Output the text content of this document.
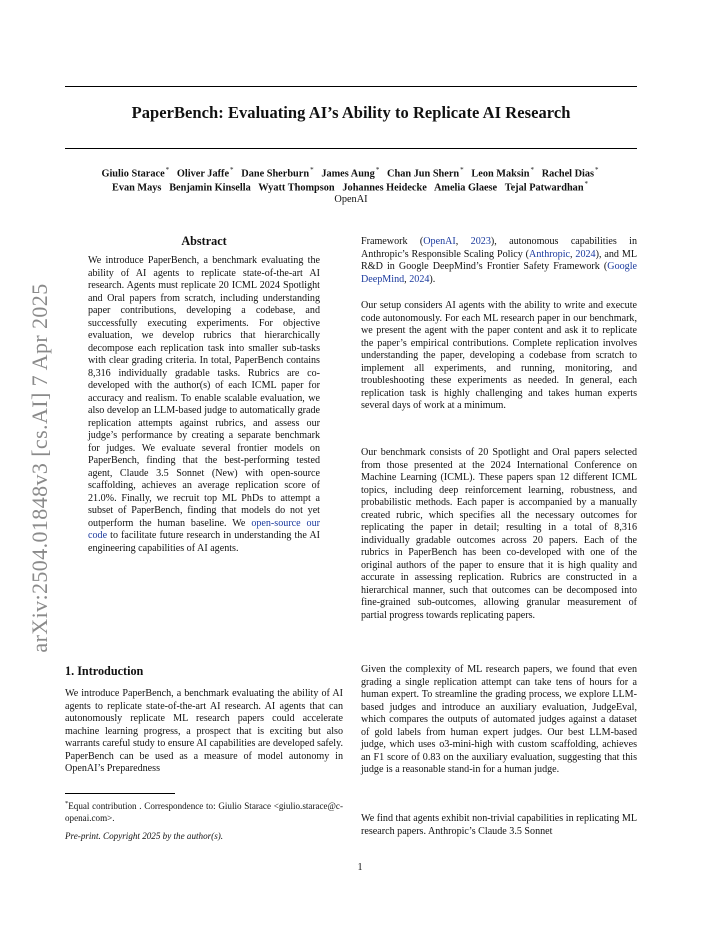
PaperBench: Evaluating AI’s Ability to Replicate AI Research
Giulio Starace* Oliver Jaffe* Dane Sherburn* James Aung* Chan Jun Shern* Leon Maksin* Rachel Dias*
Evan Mays Benjamin Kinsella Wyatt Thompson Johannes Heidecke Amelia Glaese Tejal Patwardhan*
OpenAI
arXiv:2504.01848v3 [cs.AI] 7 Apr 2025
Abstract

We introduce PaperBench, a benchmark evaluating the ability of AI agents to replicate state-of-the-art AI research. Agents must replicate 20 ICML 2024 Spotlight and Oral papers from scratch, including understanding paper contributions, developing a codebase, and successfully executing experiments. For objective evaluation, we develop rubrics that hierarchically decompose each replication task into smaller sub-tasks with clear grading criteria. In total, PaperBench contains 8,316 individually gradable tasks. Rubrics are co-developed with the author(s) of each ICML paper for accuracy and realism. To enable scalable evaluation, we also develop an LLM-based judge to automatically grade replication attempts against rubrics, and assess our judge’s performance by creating a separate benchmark for judges. We evaluate several frontier models on PaperBench, finding that the best-performing tested agent, Claude 3.5 Sonnet (New) with open-source scaffolding, achieves an average replication score of 21.0%. Finally, we recruit top ML PhDs to attempt a subset of PaperBench, finding that models do not yet outperform the human baseline. We open-source our code to facilitate future research in understanding the AI engineering capabilities of AI agents.

1. Introduction

We introduce PaperBench, a benchmark evaluating the ability of AI agents to replicate state-of-the-art AI research. AI agents that can autonomously replicate ML research papers could accelerate machine learning progress, a prospect that is exciting but also warrants careful study to ensure AI capabilities are developed safely. PaperBench can be used as a measure of model autonomy in OpenAI’s Preparedness

*Equal contribution . Correspondence to: Giulio Starace <giulio.starace@c-openai.com>.
Pre-print. Copyright 2025 by the author(s).

Framework (OpenAI, 2023), autonomous capabilities in Anthropic’s Responsible Scaling Policy (Anthropic, 2024), and ML R&D in Google DeepMind’s Frontier Safety Framework (Google DeepMind, 2024).

Our setup considers AI agents with the ability to write and execute code autonomously. For each ML research paper in our benchmark, we present the agent with the paper content and ask it to replicate the paper’s empirical contributions. Complete replication involves understanding the paper, developing a codebase from scratch to implement all experiments, and running, monitoring, and troubleshooting these experiments as needed. In general, each replication task is highly challenging and takes human experts several days of work at a minimum.

Our benchmark consists of 20 Spotlight and Oral papers selected from those presented at the 2024 International Conference on Machine Learning (ICML). These papers span 12 different ICML topics, including deep reinforcement learning, robustness, and probabilistic methods. Each paper is accompanied by a manually created rubric, which specifies all the necessary outcomes for replicating the paper in detail; resulting in a total of 8,316 individually gradable outcomes across 20 papers. Each of the rubrics in PaperBench has been co-developed with one of the original authors of the paper to ensure that it is high quality and accurate in assessing replication. Rubrics are constructed in a hierarchical manner, such that outcomes can be decomposed into fine-grained sub-outcomes, allowing granular measurement of partial progress towards replicating papers.

Given the complexity of ML research papers, we found that even grading a single replication attempt can take tens of hours for a human expert. To streamline the grading process, we explore LLM-based judges and introduce an auxiliary evaluation, JudgeEval, which compares the outputs of automated judges against a dataset of gold labels from human expert judges. Our best LLM-based judge, which uses o3-mini-high with custom scaffolding, achieves an F1 score of 0.83 on the auxiliary evaluation, suggesting that this judge is a reasonable stand-in for a human judge.

We find that agents exhibit non-trivial capabilities in replicating ML research papers. Anthropic’s Claude 3.5 Sonnet

1
